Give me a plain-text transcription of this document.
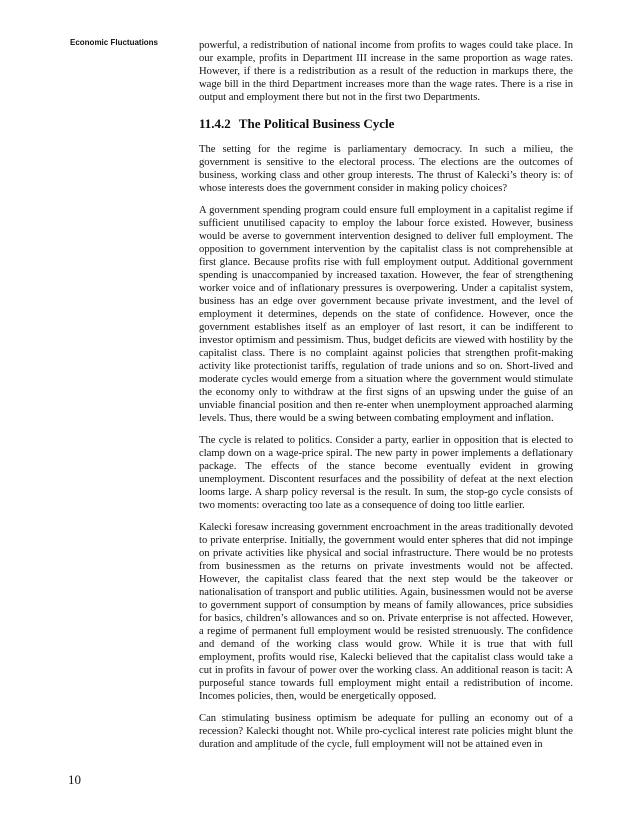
Economic Fluctuations	powerful, a redistribution of national income from profits to wages could take place. In our example, profits in Department III increase in the same proportion as wage rates. However, if there is a redistribution as a result of the reduction in markups there, the wage bill in the third Department increases more than the wage rates. There is a rise in output and employment there but not in the first two Departments.

11.4.2 The Political Business Cycle

The setting for the regime is parliamentary democracy. In such a milieu, the government is sensitive to the electoral process. The elections are the outcomes of business, working class and other group interests. The thrust of Kalecki’s theory is: of whose interests does the government consider in making policy choices?

A government spending program could ensure full employment in a capitalist regime if sufficient unutilised capacity to employ the labour force existed. However, business would be averse to government intervention designed to deliver full employment. The opposition to government intervention by the capitalist class is not comprehensible at first glance. Because profits rise with full employment output. Additional government spending is unaccompanied by increased taxation. However, the fear of strengthening worker voice and of inflationary pressures is overpowering. Under a capitalist system, business has an edge over government because private investment, and the level of employment it determines, depends on the state of confidence. However, once the government establishes itself as an employer of last resort, it can be indifferent to investor optimism and pessimism. Thus, budget deficits are viewed with hostility by the capitalist class. There is no complaint against policies that strengthen profit-making activity like protectionist tariffs, regulation of trade unions and so on. Short-lived and moderate cycles would emerge from a situation where the government would stimulate the economy only to withdraw at the first signs of an upswing under the guise of an unviable financial position and then re-enter when unemployment approached alarming levels. Thus, there would be a swing between combating employment and inflation.

The cycle is related to politics. Consider a party, earlier in opposition that is elected to clamp down on a wage-price spiral. The new party in power implements a deflationary package. The effects of the stance become eventually evident in growing unemployment. Discontent resurfaces and the possibility of defeat at the next election looms large. A sharp policy reversal is the result. In sum, the stop-go cycle consists of two moments: overacting too late as a consequence of doing too little earlier.

Kalecki foresaw increasing government encroachment in the areas traditionally devoted to private enterprise. Initially, the government would enter spheres that did not impinge on private activities like physical and social infrastructure. There would be no protests from businessmen as the returns on private investments would not be affected. However, the capitalist class feared that the next step would be the takeover or nationalisation of transport and public utilities. Again, businessmen would not be averse to government support of consumption by means of family allowances, price subsidies for basics, children’s allowances and so on. Private enterprise is not affected. However, a regime of permanent full employment would be resisted strenuously. The confidence and demand of the working class would grow. While it is true that with full employment, profits would rise, Kalecki believed that the capitalist class would take a cut in profits in favour of power over the working class. An additional reason is tacit: A purposeful stance towards full employment might entail a redistribution of income. Incomes policies, then, would be energetically opposed.

Can stimulating business optimism be adequate for pulling an economy out of a recession? Kalecki thought not. While pro-cyclical interest rate policies might blunt the duration and amplitude of the cycle, full employment will not be attained even in

10
